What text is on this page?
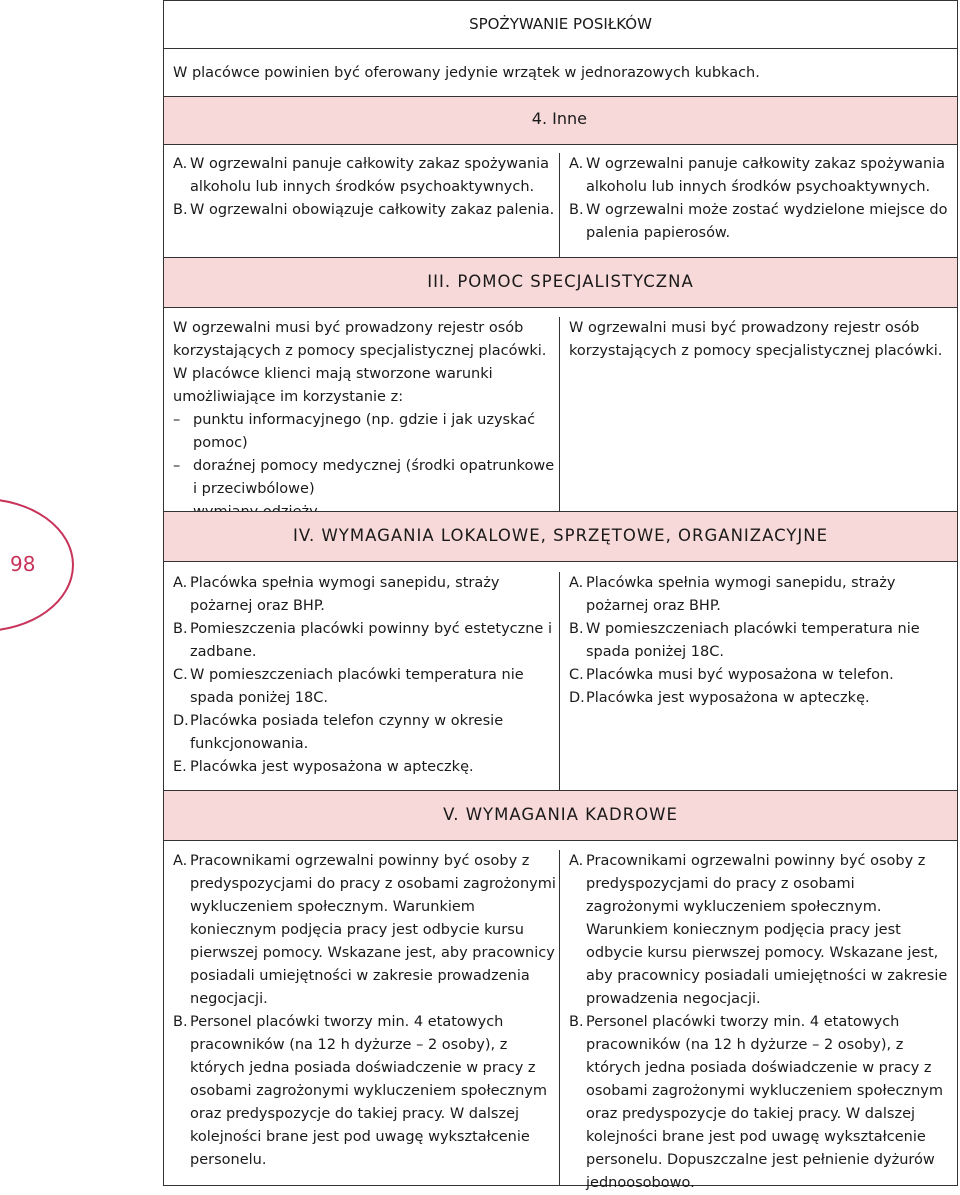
98
SPOŻYWANIE POSIŁKÓW
W placówce powinien być oferowany jedynie wrzątek w jednorazowych kubkach.
4. Inne
A. W ogrzewalni panuje całkowity zakaz spożywania alkoholu lub innych środków psychoaktywnych.
B. W ogrzewalni obowiązuje całkowity zakaz palenia.
A. W ogrzewalni panuje całkowity zakaz spożywania alkoholu lub innych środków psychoaktywnych.
B. W ogrzewalni może zostać wydzielone miejsce do palenia papierosów.
III. POMOC SPECJALISTYCZNA
W ogrzewalni musi być prowadzony rejestr osób korzystających z pomocy specjalistycznej placówki.
W placówce klienci mają stworzone warunki umożliwiające im korzystanie z:
– punktu informacyjnego (np. gdzie i jak uzyskać pomoc)
– doraźnej pomocy medycznej (środki opatrunkowe i przeciwbólowe)
W ogrzewalni musi być prowadzony rejestr osób korzystających z pomocy specjalistycznej placówki.
IV. WYMAGANIA LOKALOWE, SPRZĘTOWE, ORGANIZACYJNE
A. Placówka spełnia wymogi sanepidu, straży pożarnej oraz BHP.
B. Pomieszczenia placówki powinny być estetyczne i zadbane.
C. W pomieszczeniach placówki temperatura nie spada poniżej 18C.
D. Placówka posiada telefon czynny w okresie funkcjonowania.
E. Placówka jest wyposażona w apteczkę.
A. Placówka spełnia wymogi sanepidu, straży pożarnej oraz BHP.
B. W pomieszczeniach placówki temperatura nie spada poniżej 18C.
C. Placówka musi być wyposażona w telefon.
D. Placówka jest wyposażona w apteczkę.
V. WYMAGANIA KADROWE
A. Pracownikami ogrzewalni powinny być osoby z predyspozycjami do pracy z osobami zagrożonymi wykluczeniem społecznym. Warunkiem koniecznym podjęcia pracy jest odbycie kursu pierwszej pomocy. Wskazane jest, aby pracownicy posiadali umiejętności w zakresie prowadzenia negocjacji.
B. Personel placówki tworzy min. 4 etatowych pracowników (na 12 h dyżurze – 2 osoby), z których jedna posiada doświadczenie w pracy z osobami zagrożonymi wykluczeniem społecznym oraz predyspozycje do takiej pracy. W dalszej kolejności brane jest pod uwagę wykształcenie personelu.
A. Pracownikami ogrzewalni powinny być osoby z predyspozycjami do pracy z osobami zagrożonymi wykluczeniem społecznym. Warunkiem koniecznym podjęcia pracy jest odbycie kursu pierwszej pomocy. Wskazane jest, aby pracownicy posiadali umiejętności w zakresie prowadzenia negocjacji.
B. Personel placówki tworzy min. 4 etatowych pracowników (na 12 h dyżurze – 2 osoby), z których jedna posiada doświadczenie w pracy z osobami zagrożonymi wykluczeniem społecznym oraz predyspozycje do takiej pracy. W dalszej kolejności brane jest pod uwagę wykształcenie personelu. Dopuszczalne jest pełnienie dyżurów jednoosobowo.
